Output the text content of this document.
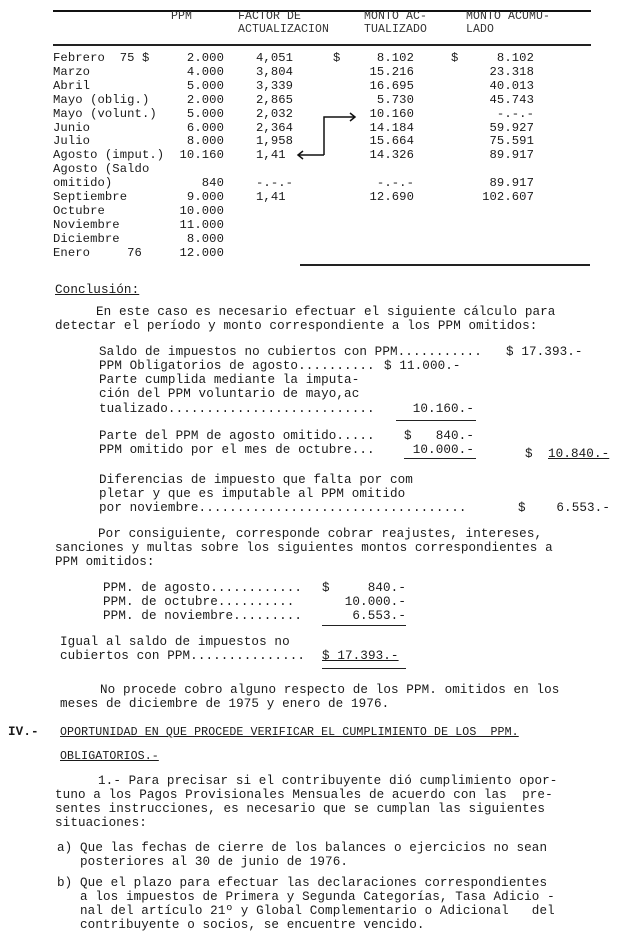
PPM	FACTOR DE
ACTUALIZACION
MONTO AC-
TUALIZADO
MONTO ACUMU-
LADO
Febrero  75 $	2.000	4,051	$	8.102	$	8.102
Marzo	4.000	3,804	15.216	23.318
Abril	5.000	3,339	16.695	40.013
Mayo (oblig.)	2.000	2,865	5.730	45.743
Mayo (volunt.)	5.000	2,032	10.160	-.-.-
Junio	6.000	2,364	14.184	59.927
Julio	8.000	1,958	15.664	75.591
Agosto (imput.)	10.160	1,41	14.326	89.917
Agosto (Saldo
omitido)	840	-.-.-	-.-.-	89.917
Septiembre	9.000	1,41	12.690	102.607
Octubre	10.000
Noviembre	11.000
Diciembre	8.000
Enero     76	12.000
Conclusión:
En este caso es necesario efectuar el siguiente cálculo para
detectar el período y monto correspondiente a los PPM omitidos:
Saldo de impuestos no cubiertos con PPM........... $ 17.393.-
PPM Obligatorios de agosto.......... $ 11.000.-
Parte cumplida mediante la imputa-
ción del PPM voluntario de mayo,ac
tualizado...........................	10.160.-
Parte del PPM de agosto omitido..... $	840.-
PPM omitido por el mes de octubre...	10.000.-	$ 10.840.-
Diferencias de impuesto que falta por com
pletar y que es imputable al PPM omitido
por noviembre...................................	$	6.553.-
Por consiguiente, corresponde cobrar reajustes, intereses,
sanciones y multas sobre los siguientes montos correspondientes a
PPM omitidos:
PPM. de agosto............ $	840.-
PPM. de octubre..........	10.000.-
PPM. de noviembre.........	6.553.-
Igual al saldo de impuestos no
cubiertos con PPM............... $ 17.393.-
No procede cobro alguno respecto de los PPM. omitidos en los
meses de diciembre de 1975 y enero de 1976.
IV.- OPORTUNIDAD EN QUE PROCEDE VERIFICAR EL CUMPLIMIENTO DE LOS  PPM.
OBLIGATORIOS.-
1.- Para precisar si el contribuyente dió cumplimiento opor-
tuno a los Pagos Provisionales Mensuales de acuerdo con las  pre-
sentes instrucciones, es necesario que se cumplan las siguientes
situaciones:
a) Que las fechas de cierre de los balances o ejercicios no sean
posteriores al 30 de junio de 1976.
b) Que el plazo para efectuar las declaraciones correspondientes
a los impuestos de Primera y Segunda Categorías, Tasa Adicio -
nal del artículo 21º y Global Complementario o Adicional   del
contribuyente o socios, se encuentre vencido.
